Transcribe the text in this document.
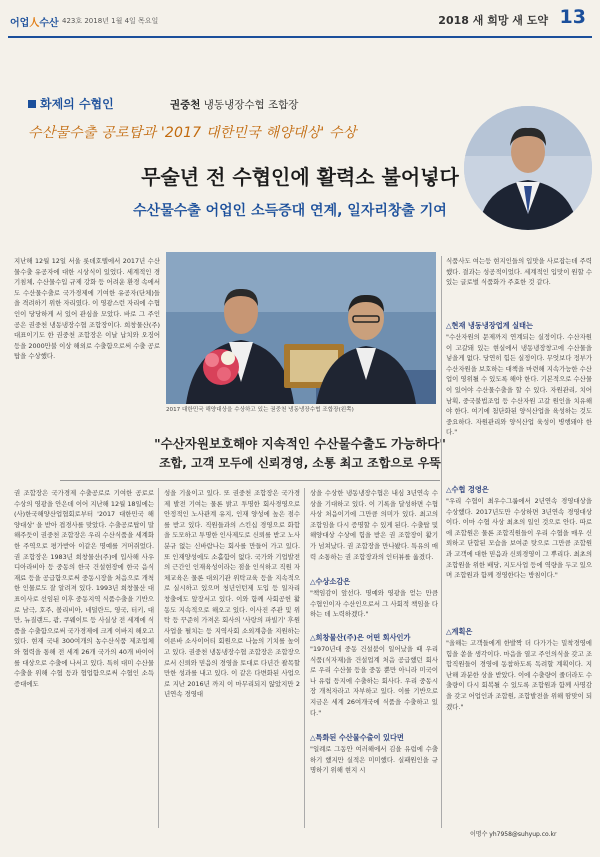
어업人수산 423호 2018년 1월 4일 목요일	2018 새 희망 새 도약 13
화제의 수협인	권중천 냉동냉장수협 조합장
수산물수출 공로탑과 '2017 대한민국 해양대상' 수상
무술년 전 수협인에 활력소 불어넣다
수산물수출 어업인 소득증대 연계, 일자리창출 기여
2017 대한민국 해양대상을 수상하고 있는 권중천 냉동냉장수협 조합장(왼쪽)
지난해 12월 12일 서울 롯데호텔에서 2017년 수산물수출 유공자에 대한 시상식이 있었다. 세계적인 경기침체, 수산물수입 규제 강화 등 어려운 환경 속에서도 수산물수출로 국가경제에 기여한 유공자(단체)들을 격려하기 위한 자리였다. 이 영광스런 자리에 수협인이 당당하게 서 있어 관심을 모았다. 바로 그 주인공은 권중천 냉동냉장수협 조합장이다. 희창물산(주) 대표이기도 한 권중천 조합장은 이날 납치와 오징어 등을 2000만불 이상 해외로 수출함으로써 수출 공로탑을 수상했다.
식품사도 여는등 현지인들의 입맛을 사로잡는데 주력했다. 결과는 성공적이었다. 세계적인 입맛이 원할 수 있는 글로벌 식품화가 주효한 것 같다.
△현재 냉동냉장업계 실태는

"수산자원의 문제까지 연계되는 실정이다. 수산자원이 고갈돼 있는 현실에서 냉동냉장창고에 수산물을 넣을게 없다. 당연히 힘든 실정이다. 무엇보다 정부가 수산자원을 보호하는 대책을 마련해 지속가능한 수산업이 영위될 수 있도록 해야 한다. 기본적으로 수산물이 있어야 수산물수출을 할 수 있다. 자원관리, 치어남획, 중국불법조업 등 수산자원 고갈 원인을 치유해야 한다. 여기에 첨단화된 양식산업을 육성하는 것도 중요하다. 자원관리와 양식산업 육성이 병행돼야 한다."

△수협 경영은

"우리 수협이 최우수그룹에서 2년연속 경영대상을 수상했다. 2017년도만 수상하면 3년연속 경영대상이다. 이마 수협 사상 최초의 일인 것으로 안다. 따로에 조합원은 물론 조합직원들이 우리 수협을 매우 신뢰하고 단합된 모습을 보여준 탓으로 그만큼 조합원과 고객에 대한 믿음과 신뢰경영이 그 뿌리다. 최초의 조합원을 위한 배당, 지도사업 등에 역량을 두고 있으며 조합원과 함께 경영한다는 방침이다."

△계획은

"올해는 고객들에게 한발짝 더 다가가는 밀착경영에 힘을 쏟을 생각이다. 마음을 열고 주인의식을 갖고 조합직원들이 경영에 동참하도록 독려할 계획이다. 지난해 과분한 상을 받았다. 이에 수출량이 줄더라도 수출량이 다시 회복될 수 있도록 조합원과 함께 사명감을 갖고 어업인과 조합원, 조합발전을 위해 땀맞이 되겠다."

"수산자원보호해야 지속적인 수산물수출도 가능하다"
조합, 고객 모두에 신뢰경영, 소통 최고 조합으로 우뚝
권 조합장은 국가경제 수출공로로 기여한 공로로 수상의 영광을 안은데 이어 지난해 12월 18일에는 (사)한국해양산업협회로부터 '2017 대한민국 해양대상' 을 받아 겹경사를 맞았다. 수출공로탑이 말해주듯이 권중천 조합장은 우리 수산식품을 세계화한 주역으로 평가받아 이같은 명예를 거머쥐었다. 권 조합장은 1983년 희창물산(주)에 입사해 사우디아라비아 등 중동의 한국 건설현장에 한국 음식재료 등을 공급함으로써 중동시장을 처음으로 개척한 인물로도 잘 알려져 있다. 1993년 희창물산 대표이사로 선임된 이후 중동지역 식품수출을 기반으로 남극, 호주, 볼리비아, 네덜란드, 영국, 터키, 대만, 뉴질랜드, 괌, 쿠웨이트 등 사실상 전 세계에 식품을 수출함으로써 국가경제에 크게 이바지 해오고 있다. 현재 국내 300여개의 농수산식품 제조업체와 협력을 통해 전 세계 26개 국가의 40개 바이어를 대상으로 수출에 나서고 있다. 특히 대미 수산물수출을 위해 수협 등과 협업함으로써 수협인 소득증대에도
성을 기울이고 있다. 또 권중천 조합장은 국가경제 발전 기여는 물론 밝고 투명한 회사경영으로 안정적인 노사관계 유지, 인재 양성에 높은 점수를 받고 있다. 직원들과의 스킨십 경영으로 화합을 도모하고 투명한 인사제도로 신뢰를 받고 노사분규 없는 신바람나는 회사를 만들어 가고 있다. 또 인재양성에도 소홀함이 없다. 국가와 기업발전의 근간인 인재육성이라는 점을 인식하고 직원 자체교육은 물론 대외기관 위탁교육 등을 지속적으로 실시하고 있으며 청년인턴제 도입 등 일자리 창출에도 앞장서고 있다. 이와 함께 사회공헌 활동도 지속적으로 해오고 있다. 이사진 주관 및 위탁 등 꾸준히 가져온 회사의 '사랑의 파빌기' 후원사업을 펼치는 등 지역사회 소외계층을 지원하는 이른바 소사이어티 회원으로 나눔의 기치를 높이고 있다. 권중천 냉동냉장수협 조합장은 조합장으로서 신뢰와 믿음의 경영을 토대로 다년간 괄목할만한 성과를 내고 있다. 이 같은 다변화된 사업으로 지난 2016년 까지 이 마무리되지 않았지만 2년연속 경영대

상을 수상한 냉동냉장수협은 내심 3년연속 수상을 기대하고 있다. 이 기록을 달성하면 수협 사상 처음이기에 그만큼 의미가 있다. 최고의 조합임을 다시 증명할 수 있게 된다. 수출탑 및 해양대상 수상에 힘을 받은 권 조합장이 활기가 넘쳐났다. 권 조합장을 만나봤다. 특유의 매력 소통하는 권 조합장과의 인터뷰를 옮겼다.

△수상소감은

"책임감이 앞선다. 명예와 영광을 얻는 만큼 수협인이자 수산인으로서 그 사회적 책임을 다하는 데 노력하겠다."

△희창물산(주)은 어떤 회사인가

"1970년대 중동 건설붐이 일어났을 때 우리 식품(식자재)을 건설업계 처음 공급했던 회사로 우리 수산물 등을 중동 뿐만 아니라 미국이나 유럽 등지에 수출하는 회사다. 우리 중동시장 개척자라고 자부하고 있다. 이를 기반으로 지금은 세계 26여개국에 식품을 수출하고 있다."

△특화된 수산물수출이 있다면

"일례로 그동안 여러해에서 김을 유럽에 수출하기 했지만 실적은 미미했다. 실패원인을 규명하기 위해 현지 시

이명수 yh7958@suhyup.co.kr
